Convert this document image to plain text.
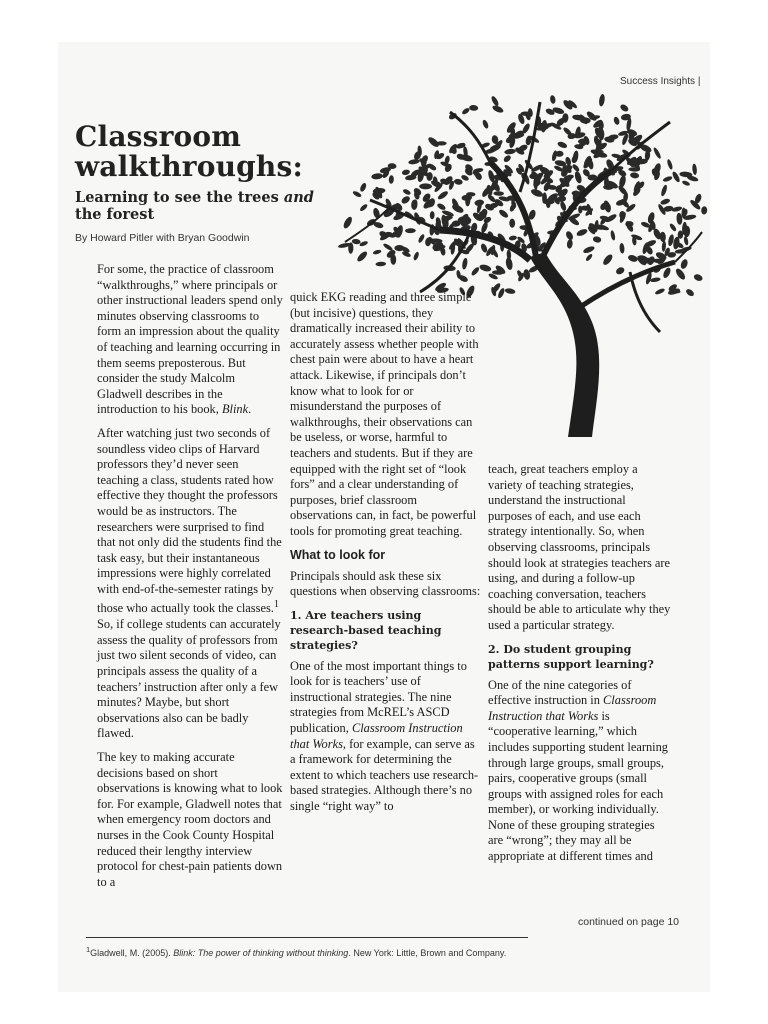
Success Insights |
Classroom walkthroughs:
Learning to see the trees and the forest
By Howard Pitler with Bryan Goodwin

For some, the practice of classroom “walkthroughs,” where principals or other instructional leaders spend only minutes observing classrooms to form an impression about the quality of teaching and learning occurring in them seems preposterous. But consider the study Malcolm Gladwell describes in the introduction to his book, Blink.

After watching just two seconds of soundless video clips of Harvard professors they’d never seen teaching a class, students rated how effective they thought the professors would be as instructors. The researchers were surprised to find that not only did the students find the task easy, but their instantaneous impressions were highly correlated with end-of-the-semester ratings by those who actually took the classes.$^1$ So, if college students can accurately assess the quality of professors from just two silent seconds of video, can principals assess the quality of a teachers’ instruction after only a few minutes? Maybe, but short observations also can be badly flawed.

The key to making accurate decisions based on short observations is knowing what to look for. For example, Gladwell notes that when emergency room doctors and nurses in the Cook County Hospital reduced their lengthy interview protocol for chest-pain patients down to a

quick EKG reading and three simple (but incisive) questions, they dramatically increased their ability to accurately assess whether people with chest pain were about to have a heart attack. Likewise, if principals don’t know what to look for or misunderstand the purposes of walkthroughs, their observations can be useless, or worse, harmful to teachers and students. But if they are equipped with the right set of “look fors” and a clear understanding of purposes, brief classroom observations can, in fact, be powerful tools for promoting great teaching.

What to look for

Principals should ask these six questions when observing classrooms:

1. Are teachers using research-based teaching strategies?

One of the most important things to look for is teachers’ use of instructional strategies. The nine strategies from McREL’s ASCD publication, Classroom Instruction that Works, for example, can serve as a framework for determining the extent to which teachers use research-based strategies. Although there’s no single “right way” to

teach, great teachers employ a variety of teaching strategies, understand the instructional purposes of each, and use each strategy intentionally. So, when observing classrooms, principals should look at strategies teachers are using, and during a follow-up coaching conversation, teachers should be able to articulate why they used a particular strategy.

2. Do student grouping patterns support learning?

One of the nine categories of effective instruction in Classroom Instruction that Works is “cooperative learning,” which includes supporting student learning through large groups, small groups, pairs, cooperative groups (small groups with assigned roles for each member), or working individually. None of these grouping strategies are “wrong”; they may all be appropriate at different times and

continued on page 10
$^1$Gladwell, M. (2005). Blink: The power of thinking without thinking. New York: Little, Brown and Company.
